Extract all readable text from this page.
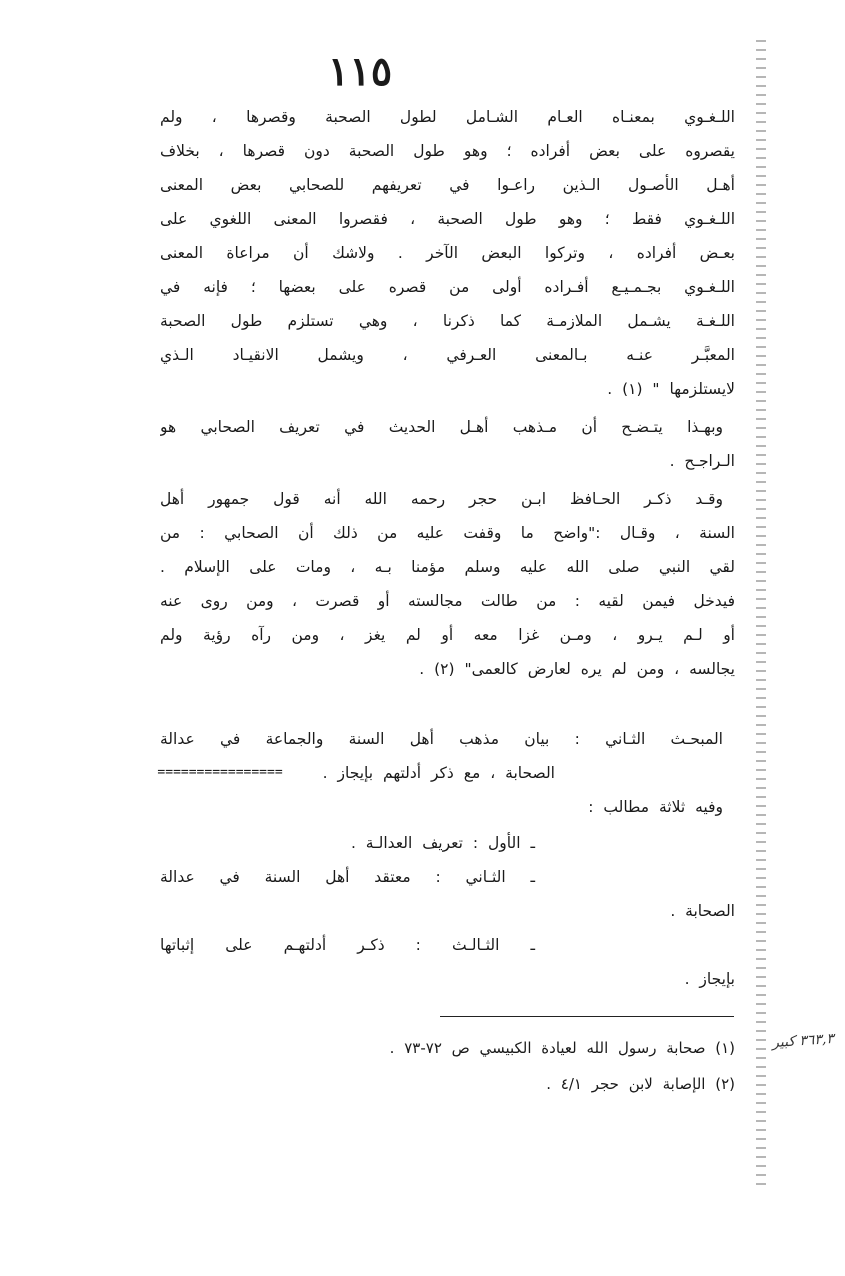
١١٥
اللـغـوي بمعنـاه العـام الشـامل لطول الصحبة وقصرها ، ولم
يقصروه على بعض أفراده ؛ وهو طول الصحبة دون قصرها ، بخلاف
أهـل الأصـول الـذين راعـوا في تعريفهم للصحابي بعض المعنى
اللـغـوي فقط ؛ وهو طول الصحبة ، فقصروا المعنى اللغوي على
بعـض أفراده ، وتركوا البعض الآخر . ولاشك أن مراعاة المعنى
اللـغـوي بجـمـيـع أفـراده أولى من قصره على بعضها ؛ فإنه في
اللـغـة يشـمل الملازمـة كما ذكرنا ، وهي تستلزم طول الصحبة
المعبَّـر عنـه بـالمعنى العـرفي ، ويشمل الانقيـاد الـذي
لايستلزمها " (١) .
وبهـذا يتـضـح أن مـذهب أهـل الحديث في تعريف الصحابي هو
الـراجـح .
وقـد ذكـر الحـافظ ابـن حجر رحمه الله أنه قول جمهور أهل
السنة ، وقـال :"واضح ما وقفت عليه من ذلك أن الصحابي : من
لقي النبي صلى الله عليه وسلم مؤمنا بـه ، ومات على الإسلام .
فيدخل فيمن لقيه : من طالت مجالسته أو قصرت ، ومن روى عنه
أو لـم يـرو ، ومـن غزا معه أو لم يغز ، ومن رآه رؤية ولم
يجالسه ، ومن لم يره لعارض كالعمى" (٢) .
المبحـث الثـاني : بيان مذهب أهل السنة والجماعة في عدالة
الصحابة ، مع ذكر أدلتهم بإيجاز .
================
وفيه ثلاثة مطالب :
ـ الأول : تعريف العدالـة .
ـ الثـاني : معتقد أهل السنة في عدالة
الصحابة .
ـ الثـالـث : ذكـر أدلتهـم على إثباتها
بإيجاز .
(١) صحابة رسول الله لعيادة الكبيسي ص ٧٢-٧٣ .
(٢) الإصابة لابن حجر ٤/١ .
٣٦٣,٣ كبير
